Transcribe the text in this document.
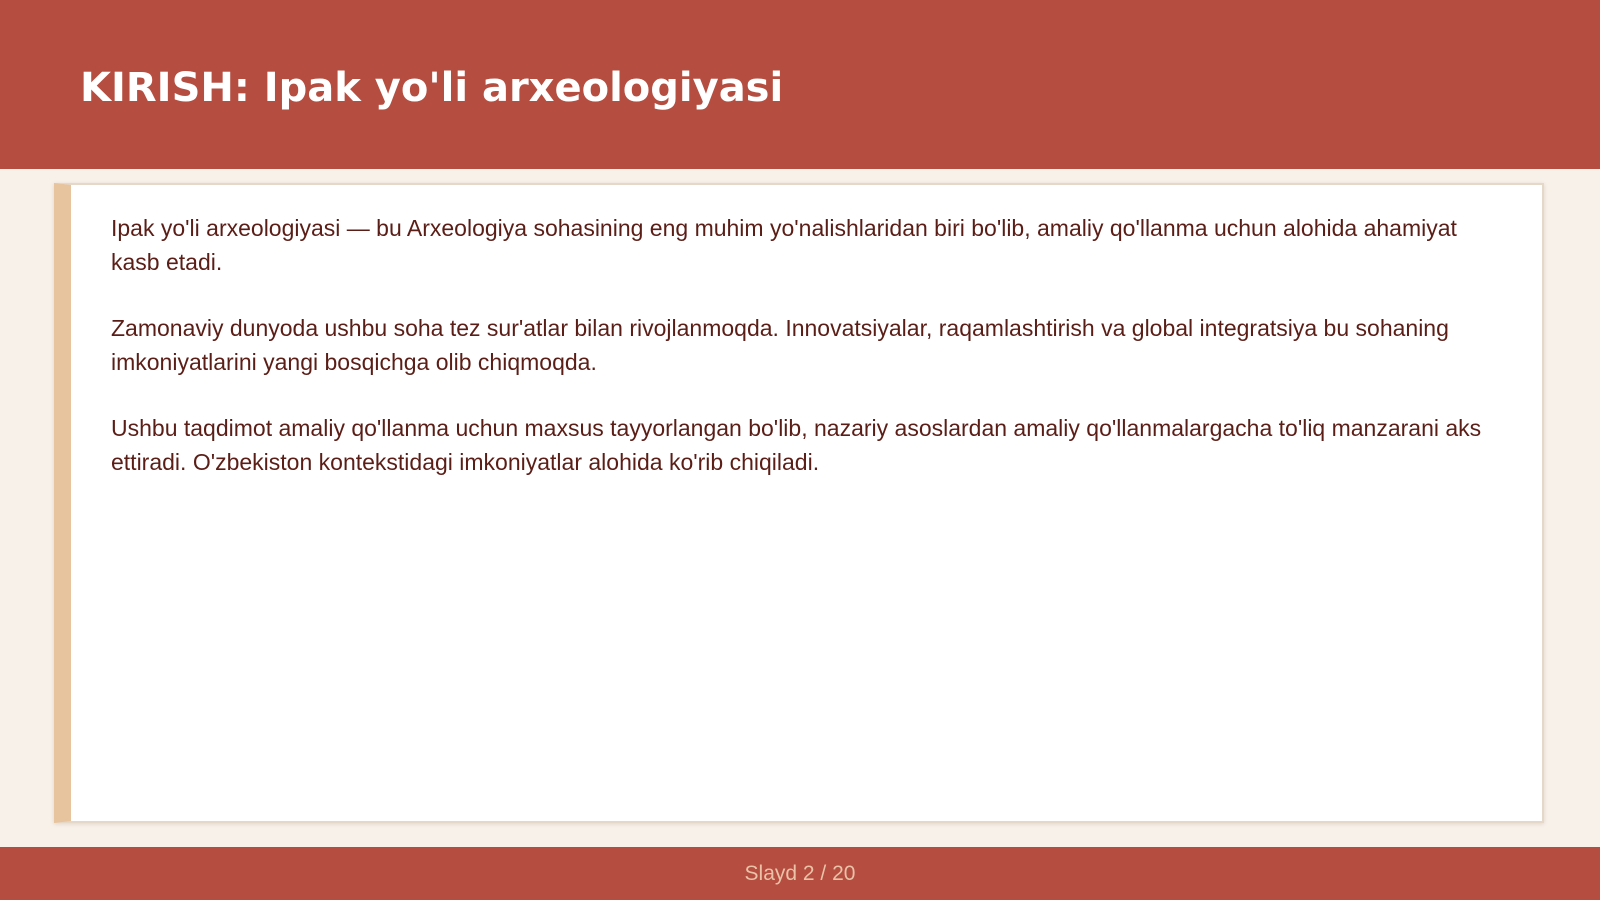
KIRISH: Ipak yo'li arxeologiyasi

Ipak yo'li arxeologiyasi — bu Arxeologiya sohasining eng muhim yo'nalishlaridan biri bo'lib, amaliy qo'llanma uchun alohida ahamiyat kasb etadi.

Zamonaviy dunyoda ushbu soha tez sur'atlar bilan rivojlanmoqda. Innovatsiyalar, raqamlashtirish va global integratsiya bu sohaning imkoniyatlarini yangi bosqichga olib chiqmoqda.

Ushbu taqdimot amaliy qo'llanma uchun maxsus tayyorlangan bo'lib, nazariy asoslardan amaliy qo'llanmalargacha to'liq manzarani aks ettiradi. O'zbekiston kontekstidagi imkoniyatlar alohida ko'rib chiqiladi.

Slayd 2 / 20
